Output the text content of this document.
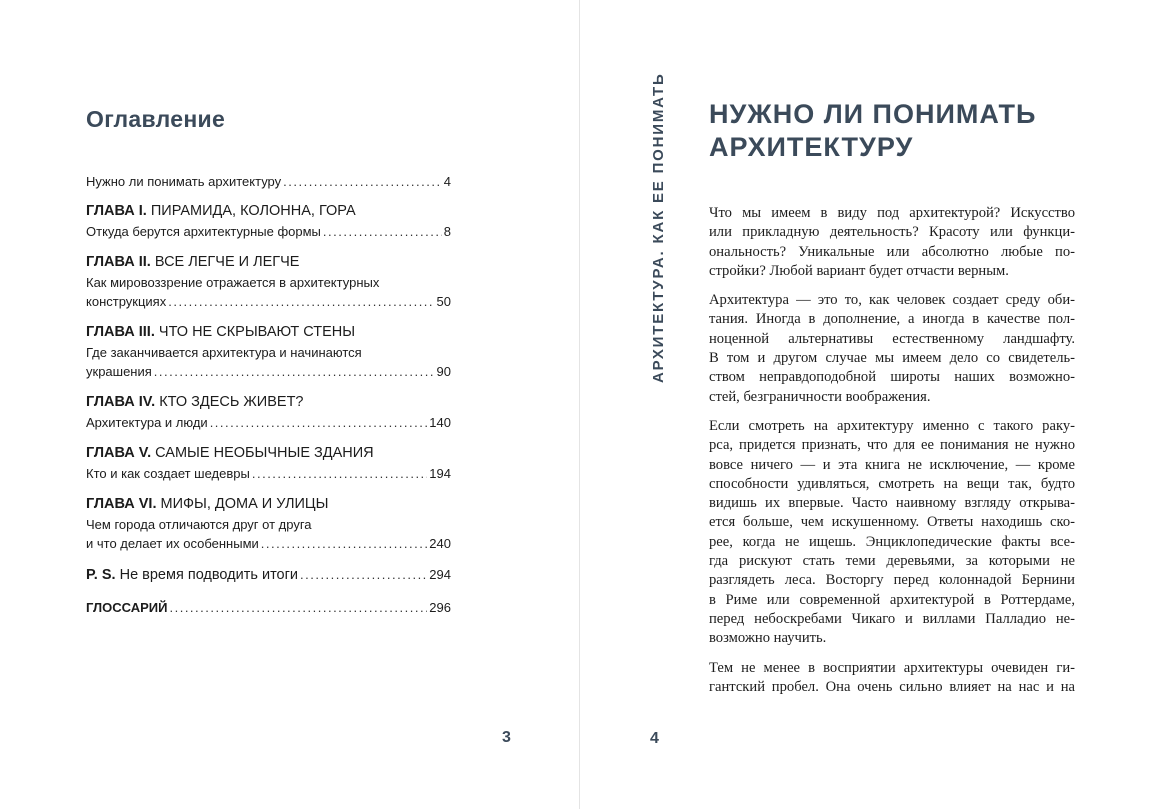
Оглавление
Нужно ли понимать архитектуру .....	4
ГЛАВА I. ПИРАМИДА, КОЛОННА, ГОРА
Откуда берутся архитектурные формы .....	8
ГЛАВА II. ВСЕ ЛЕГЧЕ И ЛЕГЧЕ
Как мировоззрение отражается в архитектурных
конструкциях .....	50
ГЛАВА III. ЧТО НЕ СКРЫВАЮТ СТЕНЫ
Где заканчивается архитектура и начинаются
украшения .....	90
ГЛАВА IV. КТО ЗДЕСЬ ЖИВЕТ?
Архитектура и люди .....	140
ГЛАВА V. САМЫЕ НЕОБЫЧНЫЕ ЗДАНИЯ
Кто и как создает шедевры .....	194
ГЛАВА VI. МИФЫ, ДОМА И УЛИЦЫ
Чем города отличаются друг от друга
и что делает их особенными .....	240
P. S. Не время подводить итоги .....	294
ГЛОССАРИЙ .....	296
3
АРХИТЕКТУРА. КАК ЕЕ ПОНИМАТЬ НУЖНО ЛИ ПОНИМАТЬ
АРХИТЕКТУРУ

Что мы имеем в виду под архитектурой? Искусство
или прикладную деятельность? Красоту или функци-
ональность? Уникальные или абсолютно любые по-
стройки? Любой вариант будет отчасти верным.

Архитектура — это то, как человек создает среду оби-
тания. Иногда в дополнение, а иногда в качестве пол-
ноценной альтернативы естественному ландшафту.
В том и другом случае мы имеем дело со свидетель-
ством неправдоподобной широты наших возможно-
стей, безграничности воображения.

Если смотреть на архитектуру именно с такого раку-
рса, придется признать, что для ее понимания не нужно
вовсе ничего — и эта книга не исключение, — кроме
способности удивляться, смотреть на вещи так, будто
видишь их впервые. Часто наивному взгляду открыва-
ется больше, чем искушенному. Ответы находишь ско-
рее, когда не ищешь. Энциклопедические факты все-
гда рискуют стать теми деревьями, за которыми не
разглядеть леса. Восторгу перед колоннадой Бернини
в Риме или современной архитектурой в Роттердаме,
перед небоскребами Чикаго и виллами Палладио не-
возможно научить.

Тем не менее в восприятии архитектуры очевиден ги-
гантский пробел. Она очень сильно влияет на нас и на

4
